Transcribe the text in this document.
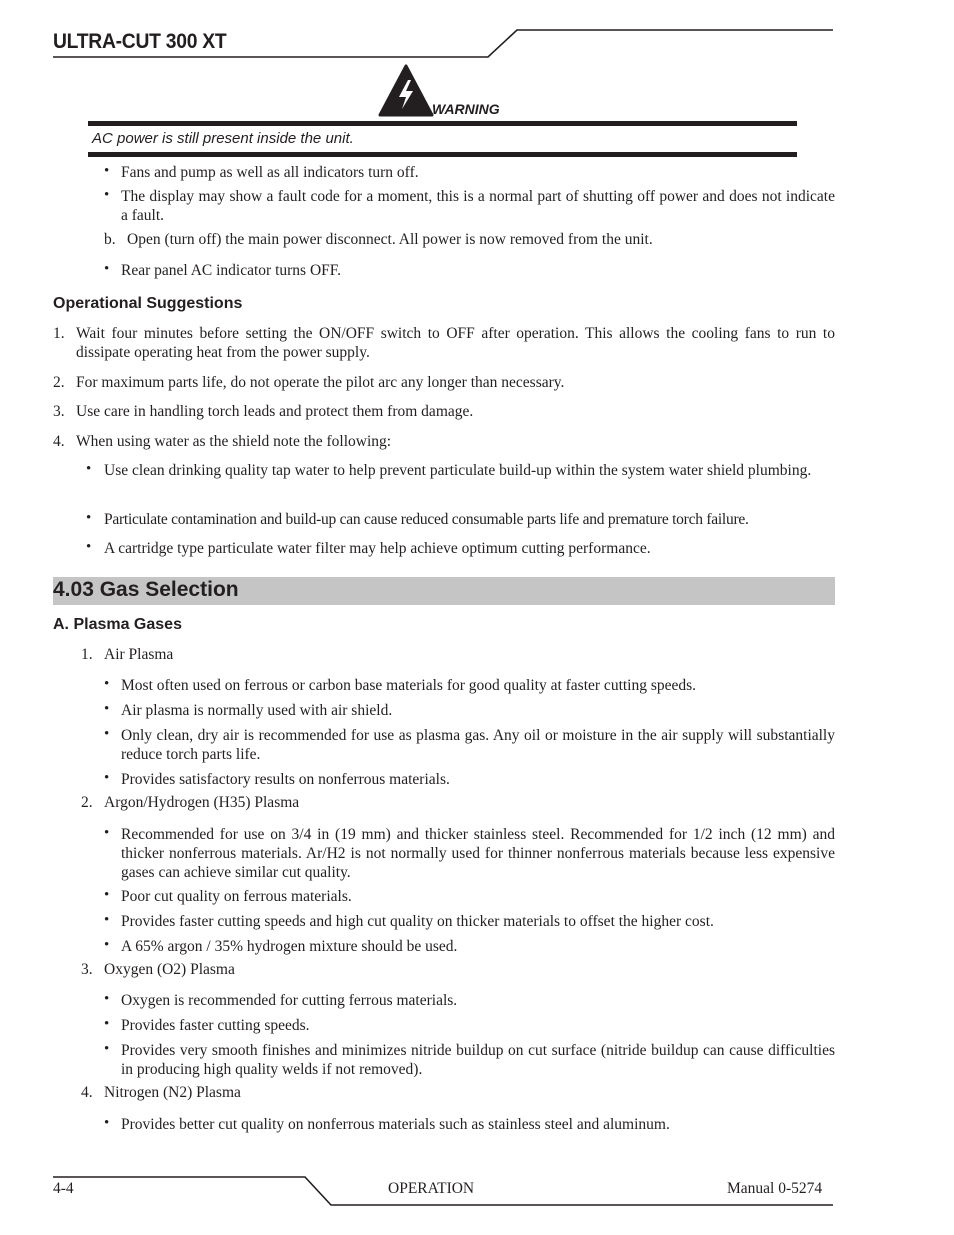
ULTRA-CUT 300 XT
WARNING
AC power is still present inside the unit.
• Fans and pump as well as all indicators turn off.
• The display may show a fault code for a moment, this is a normal part of shutting off power and does not indicate a fault.
b. Open (turn off) the main power disconnect. All power is now removed from the unit.
• Rear panel AC indicator turns OFF.
Operational Suggestions
1. Wait four minutes before setting the ON/OFF switch to OFF after operation. This allows the cooling fans to run to dissipate operating heat from the power supply.
2. For maximum parts life, do not operate the pilot arc any longer than necessary.
3. Use care in handling torch leads and protect them from damage.
4. When using water as the shield note the following:
• Use clean drinking quality tap water to help prevent particulate build-up within the system water shield plumbing.
• Particulate contamination and build-up can cause reduced consumable parts life and premature torch failure.
• A cartridge type particulate water filter may help achieve optimum cutting performance.
4.03 Gas Selection
A. Plasma Gases
1. Air Plasma
• Most often used on ferrous or carbon base materials for good quality at faster cutting speeds.
• Air plasma is normally used with air shield.
• Only clean, dry air is recommended for use as plasma gas. Any oil or moisture in the air supply will substantially reduce torch parts life.
• Provides satisfactory results on nonferrous materials.
2. Argon/Hydrogen (H35) Plasma
• Recommended for use on 3/4 in (19 mm) and thicker stainless steel. Recommended for 1/2 inch (12 mm) and thicker nonferrous materials. Ar/H2 is not normally used for thinner nonferrous materials because less expensive gases can achieve similar cut quality.
• Poor cut quality on ferrous materials.
• Provides faster cutting speeds and high cut quality on thicker materials to offset the higher cost.
• A 65% argon / 35% hydrogen mixture should be used.
3. Oxygen (O2) Plasma
• Oxygen is recommended for cutting ferrous materials.
• Provides faster cutting speeds.
• Provides very smooth finishes and minimizes nitride buildup on cut surface (nitride buildup can cause difficulties in producing high quality welds if not removed).
4. Nitrogen (N2) Plasma
• Provides better cut quality on nonferrous materials such as stainless steel and aluminum.
4-4	OPERATION	Manual 0-5274
